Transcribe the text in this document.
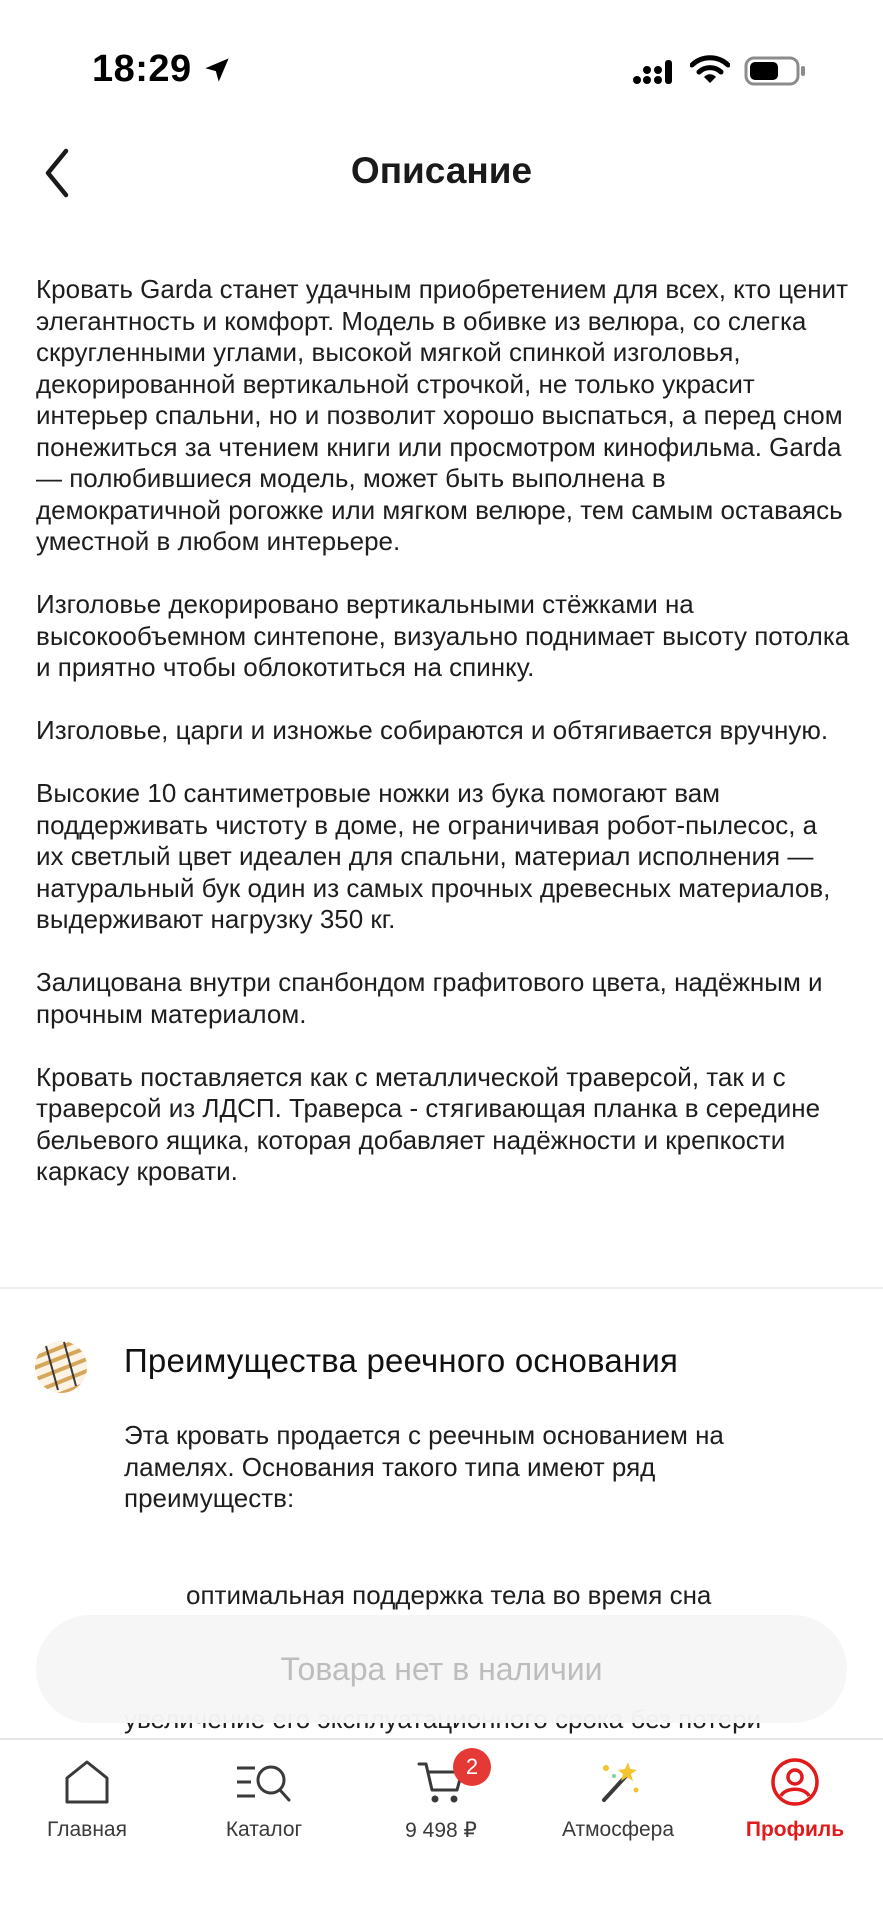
18:29
Описание

Кровать Garda станет удачным приобретением для всех, кто ценит элегантность и комфорт. Модель в обивке из велюра, со слегка скругленными углами, высокой мягкой спинкой изголовья, декорированной вертикальной строчкой, не только украсит интерьер спальни, но и позволит хорошо выспаться, а перед сном понежиться за чтением книги или просмотром кинофильма. Garda — полюбившиеся модель, может быть выполнена в демократичной рогожке или мягком велюре, тем самым оставаясь уместной в любом интерьере.

Изголовье декорировано вертикальными стёжками на высокообъемном синтепоне, визуально поднимает высоту потолка и приятно чтобы облокотиться на спинку.

Изголовье, царги и изножье собираются и обтягивается вручную.

Высокие 10 сантиметровые ножки из бука помогают вам поддерживать чистоту в доме, не ограничивая робот-пылесос, а их светлый цвет идеален для спальни, материал исполнения — натуральный бук один из самых прочных древесных материалов, выдерживают нагрузку 350 кг.

Залицована внутри спанбондом графитового цвета, надёжным и прочным материалом.

Кровать поставляется как с металлической траверсой, так и с траверсой из ЛДСП. Траверса - стягивающая планка в середине бельевого ящика, которая добавляет надёжности и крепкости каркасу кровати.

Преимущества реечного основания
Эта кровать продается с реечным основанием на ламелях. Основания такого типа имеют ряд преимуществ:
оптимальная поддержка тела во время сна
Товара нет в наличии
Главная	Каталог
2
9 498 ₽	Атмосфера	Профиль
